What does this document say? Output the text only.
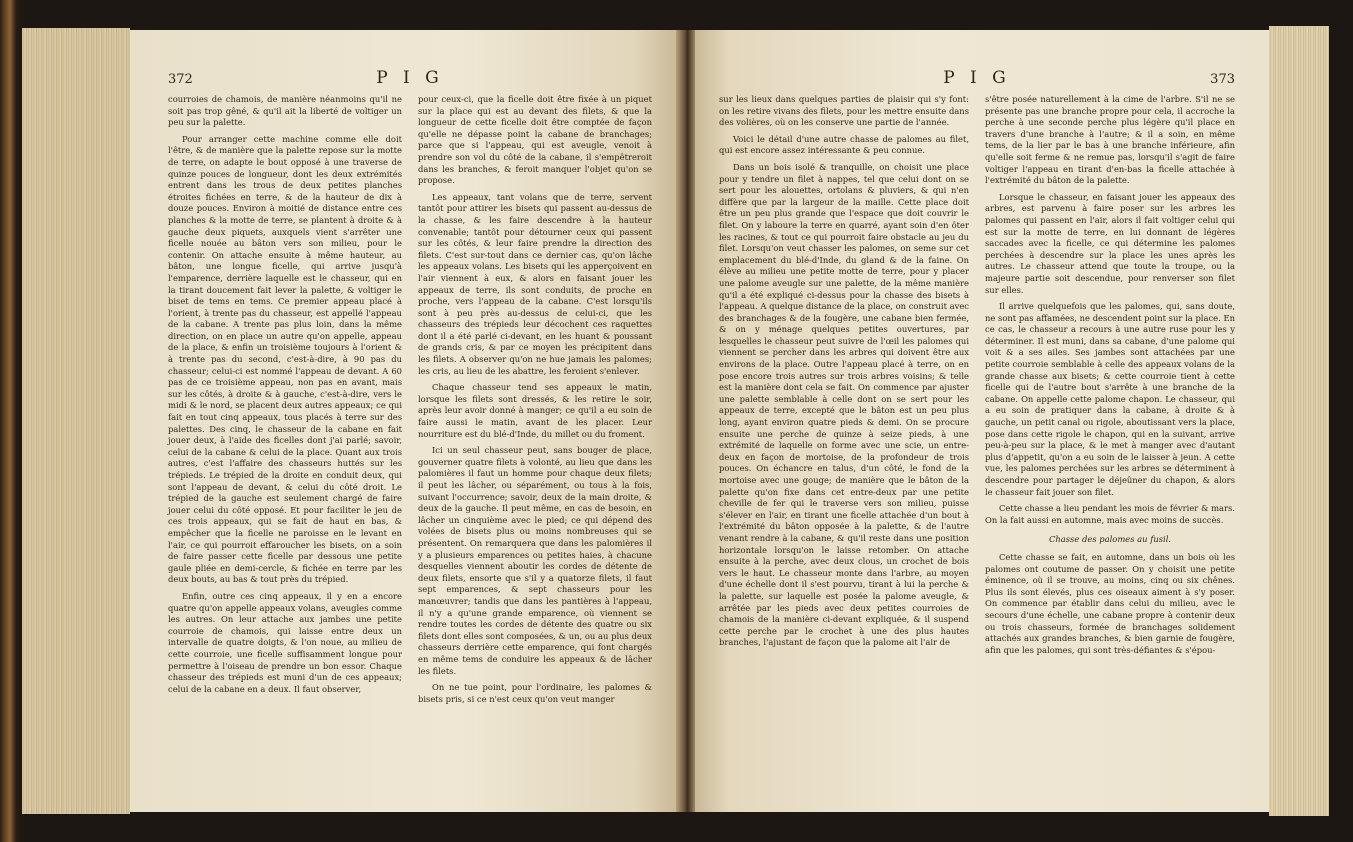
372	P I G

courroies de chamois, de manière néanmoins qu'il ne soit pas trop gêné, & qu'il ait la liberté de voltiger un peu sur la palette.

Pour arranger cette machine comme elle doit l'être, & de manière que la palette repose sur la motte de terre, on adapte le bout opposé à une traverse de quinze pouces de longueur, dont les deux extrémités entrent dans les trous de deux petites planches étroites fichées en terre, & de la hauteur de dix à douze pouces. Environ à moitié de distance entre ces planches & la motte de terre, se plantent à droite & à gauche deux piquets, auxquels vient s'arrêter une ficelle nouée au bâton vers son milieu, pour le contenir. On attache ensuite à même hauteur, au bâton, une longue ficelle, qui arrive jusqu'à l'emparence, derrière laquelle est le chasseur, qui en la tirant doucement fait lever la palette, & voltiger le biset de tems en tems. Ce premier appeau placé à l'orient, à trente pas du chasseur, est appellé l'appeau de la cabane. A trente pas plus loin, dans la même direction, on en place un autre qu'on appelle, appeau de la place, & enfin un troisième toujours à l'orient & à trente pas du second, c'est-à-dire, à 90 pas du chasseur; celui-ci est nommé l'appeau de devant. A 60 pas de ce troisième appeau, non pas en avant, mais sur les côtés, à droite & à gauche, c'est-à-dire, vers le midi & le nord, se placent deux autres appeaux; ce qui fait en tout cinq appeaux, tous placés à terre sur des palettes. Des cinq, le chasseur de la cabane en fait jouer deux, à l'aide des ficelles dont j'ai parlé; savoir, celui de la cabane & celui de la place. Quant aux trois autres, c'est l'affaire des chasseurs huttés sur les trépieds. Le trépied de la droite en conduit deux, qui sont l'appeau de devant, & celui du côté droit. Le trépied de la gauche est seulement chargé de faire jouer celui du côté opposé. Et pour faciliter le jeu de ces trois appeaux, qui se fait de haut en bas, & empêcher que la ficelle ne paroisse en le levant en l'air, ce qui pourroit effaroucher les bisets, on a soin de faire passer cette ficelle par dessous une petite gaule pliée en demi-cercle, & fichée en terre par les deux bouts, au bas & tout près du trépied.

Enfin, outre ces cinq appeaux, il y en a encore quatre qu'on appelle appeaux volans, aveugles comme les autres. On leur attache aux jambes une petite courroie de chamois, qui laisse entre deux un intervalle de quatre doigts, & l'on noue, au milieu de cette courroie, une ficelle suffisamment longue pour permettre à l'oiseau de prendre un bon essor. Chaque chasseur des trépieds est muni d'un de ces appeaux; celui de la cabane en a deux. Il faut observer,

pour ceux-ci, que la ficelle doit être fixée à un piquet sur la place qui est au devant des filets, & que la longueur de cette ficelle doit être comptée de façon qu'elle ne dépasse point la cabane de branchages; parce que si l'appeau, qui est aveugle, venoit à prendre son vol du côté de la cabane, il s'empêtreroit dans les branches, & feroit manquer l'objet qu'on se propose.

Les appeaux, tant volans que de terre, servent tantôt pour attirer les bisets qui passent au-dessus de la chasse, & les faire descendre à la hauteur convenable; tantôt pour détourner ceux qui passent sur les côtés, & leur faire prendre la direction des filets. C'est sur-tout dans ce dernier cas, qu'on lâche les appeaux volans. Les bisets qui les apperçoivent en l'air viennent à eux, & alors en faisant jouer les appeaux de terre, ils sont conduits, de proche en proche, vers l'appeau de la cabane. C'est lorsqu'ils sont à peu près au-dessus de celui-ci, que les chasseurs des trépieds leur décochent ces raquettes dont il a été parlé ci-devant, en les huant & poussant de grands cris, & par ce moyen les précipitent dans les filets. A observer qu'on ne hue jamais les palomes; les cris, au lieu de les abattre, les feroient s'enlever.

Chaque chasseur tend ses appeaux le matin, lorsque les filets sont dressés, & les retire le soir, après leur avoir donné à manger; ce qu'il a eu soin de faire aussi le matin, avant de les placer. Leur nourriture est du blé-d'Inde, du millet ou du froment.

Ici un seul chasseur peut, sans bouger de place, gouverner quatre filets à volonté, au lieu que dans les palomières il faut un homme pour chaque deux filets; il peut les lâcher, ou séparément, ou tous à la fois, suivant l'occurrence; savoir, deux de la main droite, & deux de la gauche. Il peut même, en cas de besoin, en lâcher un cinquième avec le pied; ce qui dépend des volées de bisets plus ou moins nombreuses qui se présentent. On remarquera que dans les palomières il y a plusieurs emparences ou petites haies, à chacune desquelles viennent aboutir les cordes de détente de deux filets, ensorte que s'il y a quatorze filets, il faut sept emparences, & sept chasseurs pour les manœuvrer; tandis que dans les pantières à l'appeau, il n'y a qu'une grande emparence, où viennent se rendre toutes les cordes de détente des quatre ou six filets dont elles sont composées, & un, ou au plus deux chasseurs derrière cette emparence, qui font chargés en même tems de conduire les appeaux & de lâcher les filets.

On ne tue point, pour l'ordinaire, les palomes & bisets pris, si ce n'est ceux qu'on veut manger

P I G	373

sur les lieux dans quelques parties de plaisir qui s'y font: on les retire vivans des filets, pour les mettre ensuite dans des volières, où on les conserve une partie de l'année.

Voici le détail d'une autre chasse de palomes au filet, qui est encore assez intéressante & peu connue.

Dans un bois isolé & tranquille, on choisit une place pour y tendre un filet à nappes, tel que celui dont on se sert pour les alouettes, ortolans & pluviers, & qui n'en diffère que par la largeur de la maille. Cette place doit être un peu plus grande que l'espace que doit couvrir le filet. On y laboure la terre en quarré, ayant soin d'en ôter les racines, & tout ce qui pourroit faire obstacle au jeu du filet. Lorsqu'on veut chasser les palomes, on seme sur cet emplacement du blé-d'Inde, du gland & de la faine. On élève au milieu une petite motte de terre, pour y placer une palome aveugle sur une palette, de la même manière qu'il a été expliqué ci-dessus pour la chasse des bisets à l'appeau. A quelque distance de la place, on construit avec des branchages & de la fougère, une cabane bien fermée, & on y ménage quelques petites ouvertures, par lesquelles le chasseur peut suivre de l'œil les palomes qui viennent se percher dans les arbres qui doivent être aux environs de la place. Outre l'appeau placé à terre, on en pose encore trois autres sur trois arbres voisins; & telle est la manière dont cela se fait. On commence par ajuster une palette semblable à celle dont on se sert pour les appeaux de terre, excepté que le bâton est un peu plus long, ayant environ quatre pieds & demi. On se procure ensuite une perche de quinze à seize pieds, à une extrémité de laquelle on forme avec une scie, un entre-deux en façon de mortoise, de la profondeur de trois pouces. On échancre en talus, d'un côté, le fond de la mortoise avec une gouge; de manière que le bâton de la palette qu'on fixe dans cet entre-deux par une petite cheville de fer qui le traverse vers son milieu, puisse s'élever en l'air, en tirant une ficelle attachée d'un bout à l'extrémité du bâton opposée à la palette, & de l'autre venant rendre à la cabane, & qu'il reste dans une position horizontale lorsqu'on le laisse retomber. On attache ensuite à la perche, avec deux clous, un crochet de bois vers le haut. Le chasseur monte dans l'arbre, au moyen d'une échelle dont il s'est pourvu, tirant à lui la perche & la palette, sur laquelle est posée la palome aveugle, & arrêtée par les pieds avec deux petites courroies de chamois de la manière ci-devant expliquée, & il suspend cette perche par le crochet à une des plus hautes branches, l'ajustant de façon que la palome ait l'air de

s'être posée naturellement à la cime de l'arbre. S'il ne se présente pas une branche propre pour cela, il accroche la perche à une seconde perche plus légère qu'il place en travers d'une branche à l'autre; & il a soin, en même tems, de la lier par le bas à une branche inférieure, afin qu'elle soit ferme & ne remue pas, lorsqu'il s'agit de faire voltiger l'appeau en tirant d'en-bas la ficelle attachée à l'extrémité du bâton de la palette.

Lorsque le chasseur, en faisant jouer les appeaux des arbres, est parvenu à faire poser sur les arbres les palomes qui passent en l'air, alors il fait voltiger celui qui est sur la motte de terre, en lui donnant de légères saccades avec la ficelle, ce qui détermine les palomes perchées à descendre sur la place les unes après les autres. Le chasseur attend que toute la troupe, ou la majeure partie soit descendue, pour renverser son filet sur elles.

Il arrive quelquefois que les palomes, qui, sans doute, ne sont pas affamées, ne descendent point sur la place. En ce cas, le chasseur a recours à une autre ruse pour les y déterminer. Il est muni, dans sa cabane, d'une palome qui voit & a ses ailes. Ses jambes sont attachées par une petite courroie semblable à celle des appeaux volans de la grande chasse aux bisets; & cette courroie tient à cette ficelle qui de l'autre bout s'arrête à une branche de la cabane. On appelle cette palome chapon. Le chasseur, qui a eu soin de pratiquer dans la cabane, à droite & à gauche, un petit canal ou rigole, aboutissant vers la place, pose dans cette rigole le chapon, qui en la suivant, arrive peu-à-peu sur la place, & le met à manger avec d'autant plus d'appetit, qu'on a eu soin de le laisser à jeun. A cette vue, les palomes perchées sur les arbres se déterminent à descendre pour partager le déjeûner du chapon, & alors le chasseur fait jouer son filet.

Cette chasse a lieu pendant les mois de février & mars. On la fait aussi en automne, mais avec moins de succès.

Chasse des palomes au fusil.

Cette chasse se fait, en automne, dans un bois où les palomes ont coutume de passer. On y choisit une petite éminence, où il se trouve, au moins, cinq ou six chênes. Plus ils sont élevés, plus ces oiseaux aiment à s'y poser. On commence par établir dans celui du milieu, avec le secours d'une échelle, une cabane propre à contenir deux ou trois chasseurs, formée de branchages solidement attachés aux grandes branches, & bien garnie de fougère, afin que les palomes, qui sont très-défiantes & s'épou-
